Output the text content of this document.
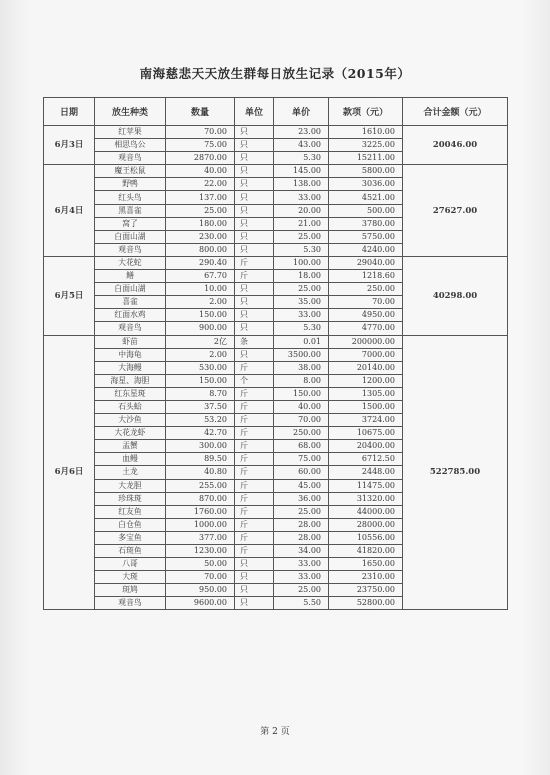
南海慈悲天天放生群每日放生记录（2015年）
日期	放生种类	数量	单位	单价	款项（元）	合计金额（元）
6月3日	红苹果	70.00	只	23.00	1610.00	20046.00
	相思鸟公	75.00	只	43.00	3225.00	
	观音鸟	2870.00	只	5.30	15211.00	
6月4日	魔王松鼠	40.00	只	145.00	5800.00	27627.00
	野鸭	22.00	只	138.00	3036.00	
	红头鸟	137.00	只	33.00	4521.00	
	黑喜雀	25.00	只	20.00	500.00	
	窝了	180.00	只	21.00	3780.00	
	白面山湖	230.00	只	25.00	5750.00	
	观音鸟	800.00	只	5.30	4240.00	
6月5日	大花蛇	290.40	斤	100.00	29040.00	40298.00
	鳝	67.70	斤	18.00	1218.60	
	白面山湖	10.00	只	25.00	250.00	
	喜雀	2.00	只	35.00	70.00	
	红面水鸡	150.00	只	33.00	4950.00	
	观音鸟	900.00	只	5.30	4770.00	
6月6日	虾苗	2亿	条	0.01	200000.00	522785.00
	中海龟	2.00	只	3500.00	7000.00	
	大海鳗	530.00	斤	38.00	20140.00	
	海星、海胆	150.00	个	8.00	1200.00	
	红东星斑	8.70	斤	150.00	1305.00	
	石头蛤	37.50	斤	40.00	1500.00	
	大沙鱼	53.20	斤	70.00	3724.00	
	大花龙虾	42.70	斤	250.00	10675.00	
	盂蟹	300.00	斤	68.00	20400.00	
	血鳗	89.50	斤	75.00	6712.50	
	土龙	40.80	斤	60.00	2448.00	
	大龙胆	255.00	斤	45.00	11475.00	
	珍珠斑	870.00	斤	36.00	31320.00	
	红友鱼	1760.00	斤	25.00	44000.00	
	白仓鱼	1000.00	斤	28.00	28000.00	
	多宝鱼	377.00	斤	28.00	10556.00	
	石斑鱼	1230.00	斤	34.00	41820.00	
	八哥	50.00	只	33.00	1650.00	
	大斑	70.00	只	33.00	2310.00	
	斑鸠	950.00	只	25.00	23750.00	
	观音鸟	9600.00	只	5.50	52800.00	
第 2 页
